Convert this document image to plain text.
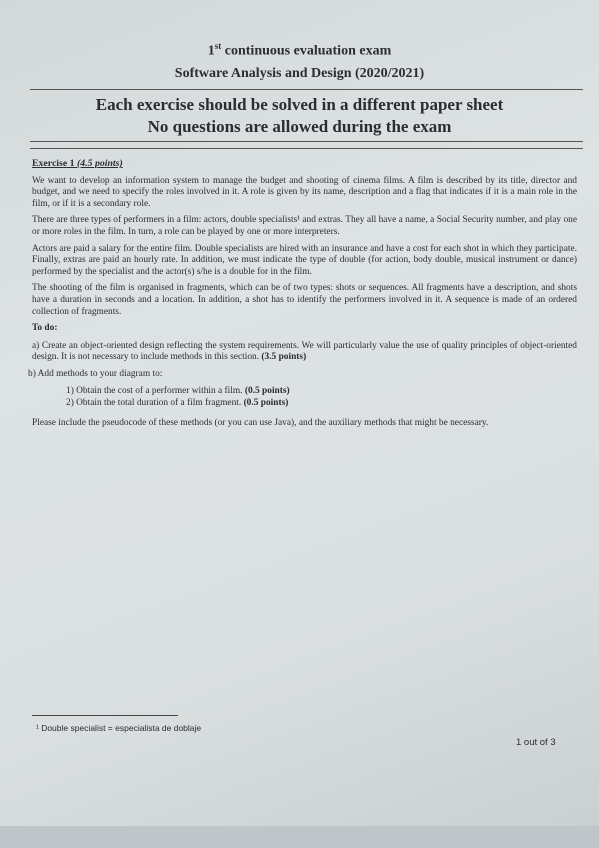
1st continuous evaluation exam
Software Analysis and Design (2020/2021)
Each exercise should be solved in a different paper sheet
No questions are allowed during the exam
Exercise 1 (4.5 points)

We want to develop an information system to manage the budget and shooting of cinema films. A film is described by its title, director and budget, and we need to specify the roles involved in it. A role is given by its name, description and a flag that indicates if it is a main role in the film, or if it is a secondary role.

There are three types of performers in a film: actors, double specialists¹ and extras. They all have a name, a Social Security number, and play one or more roles in the film. In turn, a role can be played by one or more interpreters.

Actors are paid a salary for the entire film. Double specialists are hired with an insurance and have a cost for each shot in which they participate. Finally, extras are paid an hourly rate. In addition, we must indicate the type of double (for action, body double, musical instrument or dance) performed by the specialist and the actor(s) s/he is a double for in the film.

The shooting of the film is organised in fragments, which can be of two types: shots or sequences. All fragments have a description, and shots have a duration in seconds and a location. In addition, a shot has to identify the performers involved in it. A sequence is made of an ordered collection of fragments.

To do:

a) Create an object-oriented design reflecting the system requirements. We will particularly value the use of quality principles of object-oriented design. It is not necessary to include methods in this section. (3.5 points)

b) Add methods to your diagram to:

1) Obtain the cost of a performer within a film. (0.5 points)
2) Obtain the total duration of a film fragment. (0.5 points)

Please include the pseudocode of these methods (or you can use Java), and the auxiliary methods that might be necessary.

¹ Double specialist = especialista de doblaje
1 out of 3
